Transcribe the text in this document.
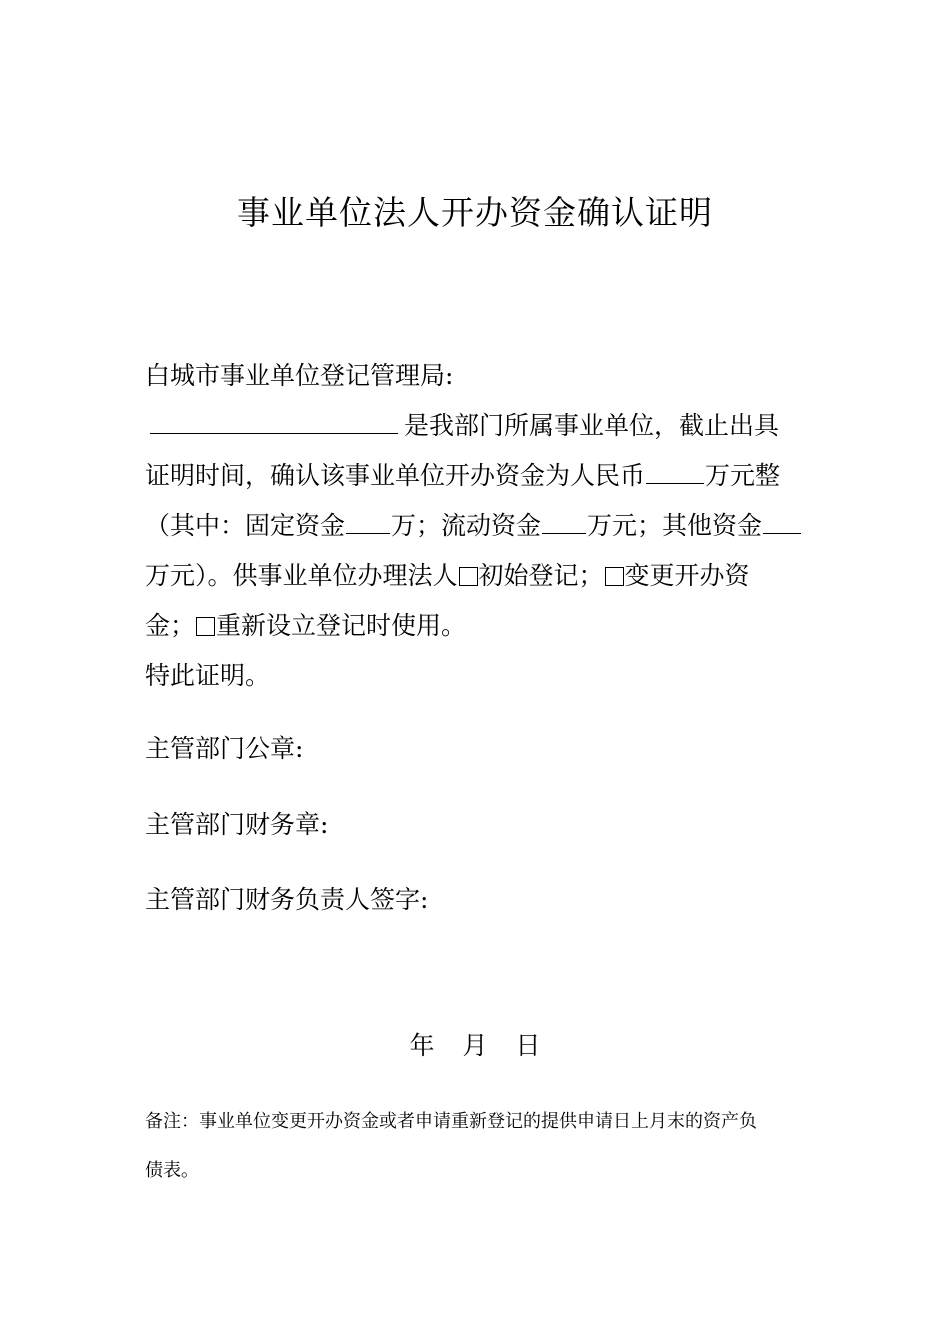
事业单位法人开办资金确认证明
白城市事业单位登记管理局:
是我部门所属事业单位，截止出具
证明时间，确认该事业单位开办资金为人民币 万元整
（其中：固定资金 万；流动资金 万元；其他资金
万元）。供事业单位办理法人 初始登记； 变更开办资
金； 重新设立登记时使用。
特此证明。
主管部门公章:
主管部门财务章:
主管部门财务负责人签字:
年 月 日
备注：事业单位变更开办资金或者申请重新登记的提供申请日上月末的资产负
债表。
